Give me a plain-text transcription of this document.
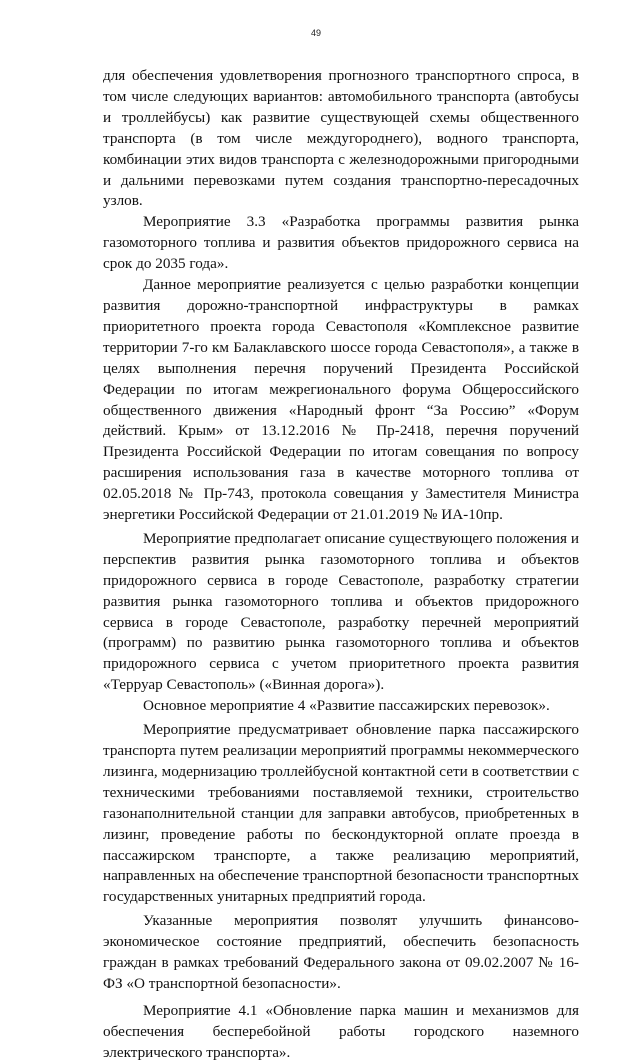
49

для обеспечения удовлетворения прогнозного транспортного спроса, в том числе следующих вариантов: автомобильного транспорта (автобусы и троллейбусы) как развитие существующей схемы общественного транспорта (в том числе междугороднего), водного транспорта, комбинации этих видов транспорта с железнодорожными пригородными и дальними перевозками путем создания транспортно-пересадочных узлов.

Мероприятие 3.3 «Разработка программы развития рынка газомоторного топлива и развития объектов придорожного сервиса на срок до 2035 года».

Данное мероприятие реализуется с целью разработки концепции развития дорожно-транспортной инфраструктуры в рамках приоритетного проекта города Севастополя «Комплексное развитие территории 7-го км Балаклавского шоссе города Севастополя», а также в целях выполнения перечня поручений Президента Российской Федерации по итогам межрегионального форума Общероссийского общественного движения «Народный фронт “За Россию” «Форум действий. Крым» от 13.12.2016 № Пр-2418, перечня поручений Президента Российской Федерации по итогам совещания по вопросу расширения использования газа в качестве моторного топлива от 02.05.2018 № Пр-743, протокола совещания у Заместителя Министра энергетики Российской Федерации от 21.01.2019 № ИА-10пр.

Мероприятие предполагает описание существующего положения и перспектив развития рынка газомоторного топлива и объектов придорожного сервиса в городе Севастополе, разработку стратегии развития рынка газомоторного топлива и объектов придорожного сервиса в городе Севастополе, разработку перечней мероприятий (программ) по развитию рынка газомоторного топлива и объектов придорожного сервиса с учетом приоритетного проекта развития «Терруар Севастополь» («Винная дорога»).

Основное мероприятие 4 «Развитие пассажирских перевозок».

Мероприятие предусматривает обновление парка пассажирского транспорта путем реализации мероприятий программы некоммерческого лизинга, модернизацию троллейбусной контактной сети в соответствии с техническими требованиями поставляемой техники, строительство газонаполнительной станции для заправки автобусов, приобретенных в лизинг, проведение работы по бескондукторной оплате проезда в пассажирском транспорте, а также реализацию мероприятий, направленных на обеспечение транспортной безопасности транспортных государственных унитарных предприятий города.

Указанные мероприятия позволят улучшить финансово-экономическое состояние предприятий, обеспечить безопасность граждан в рамках требований Федерального закона от 09.02.2007 № 16-ФЗ «О транспортной безопасности».

Мероприятие 4.1 «Обновление парка машин и механизмов для обеспечения бесперебойной работы городского наземного электрического транспорта».
